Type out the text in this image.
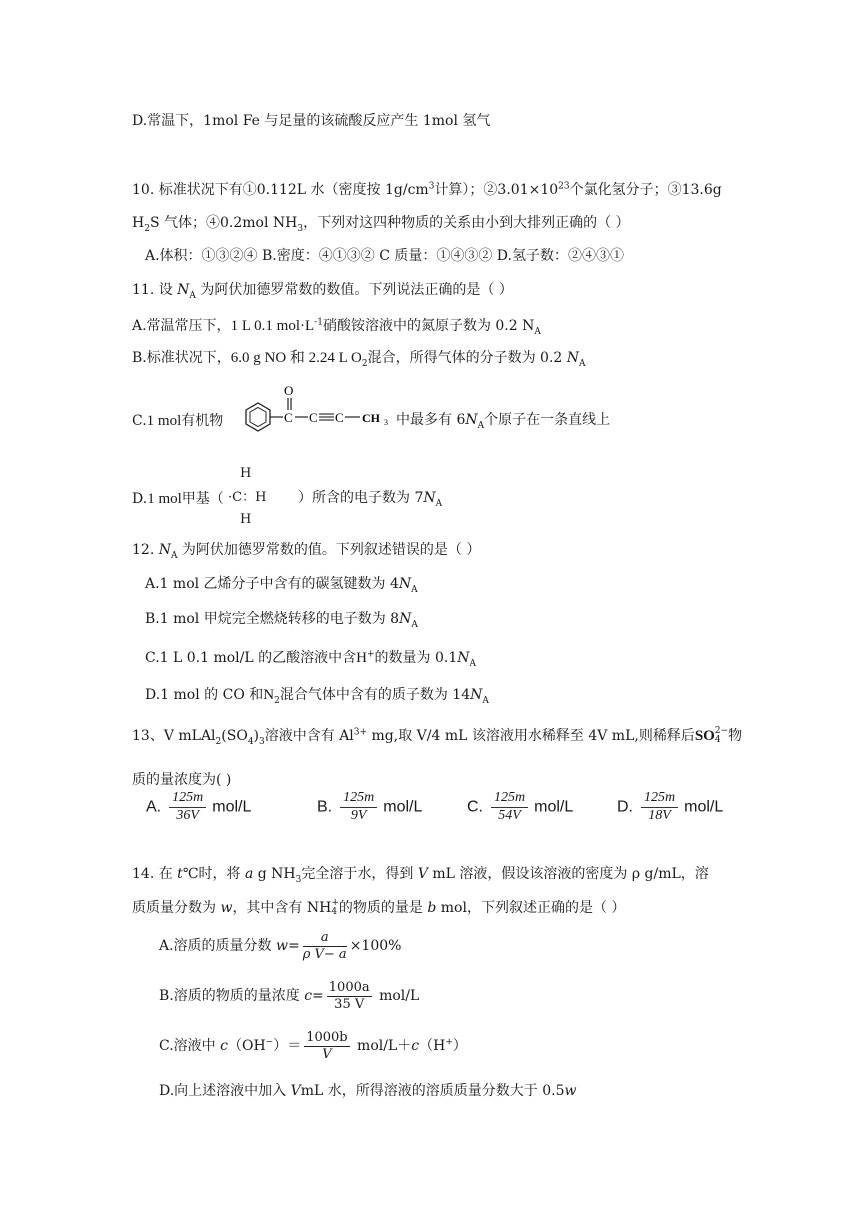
D.常温下，1mol Fe 与足量的该硫酸反应产生 1mol 氢气
10. 标准状况下有①0.112L 水（密度按 $1g/cm^3$计算）；$②3.01\times 10^{23}$个氯化氢分子；③13.6g
$H_2S$ 气体；④0.2mol $NH_3$，下列对这四种物质的关系由小到大排列正确的（ ）
A.体积：①③②④ B.密度：④①③② C 质量：①④③② D.氢子数：②④③①
11. 设 $N_A$ 为阿伏加德罗常数的数值。下列说法正确的是（ ）
A.常温常压下，1 L 0.1 $mol\cdot L^{-1}$硝酸铵溶液中的氮原子数为 0.2 $N_A$
B.标准状况下，6.0 g NO 和 2.24 L $O_2$混合，所得气体的分子数为 0.2 $N_A$
C.1 mol有机物
O
C C C CH 3 中最多有 $6N_A$个原子在一条直线上
D.1 mol甲基（
H
·C：H
H
）所含的电子数为 $7N_A$
12. $N_A$ 为阿伏加德罗常数的值。下列叙述错误的是（ ）
A.1 mol 乙烯分子中含有的碳氢键数为 $4N_A$
B.1 mol 甲烷完全燃烧转移的电子数为 $8N_A$
C.1 L 0.1 mol/L 的乙酸溶液中含H+的数量为 $0.1N_A$
D.1 mol 的 CO 和$N_2$混合气体中含有的质子数为 $14N_A$
13、V $mLAl_2(SO_4)_3$溶液中含有 $Al^{3+}$ mg,取 V/4 mL 该溶液用水稀释至 4V mL,则稀释后SO 2−
4 物
质的量浓度为( )
A. $\frac{125m}{36V} mol/L$	B. $\frac{125m}{9V} mol/L$	C. $\frac{125m}{54V} mol/L$	D. $\frac{125m}{18V} mol/L$
14. 在 t℃时，将 a g $NH_3$完全溶于水，得到 V mL 溶液，假设该溶液的密度为 ρ g/mL，溶
质质量分数为 w，其中含有 NH +
4 的物质的量是 b mol，下列叙述正确的是（ ）
A.溶质的质量分数 $w= \frac{a}{\text{ρ V− a}} \times 100\%$
B.溶质的物质的量浓度 $c= \frac{1000a}{35 V} mol/L$
C.溶液中 $c(OH^-)= \frac{1000b}{V} mol/L+c(H^+)$
D.向上述溶液中加入 VmL 水，所得溶液的溶质质量分数大于 0.5w
